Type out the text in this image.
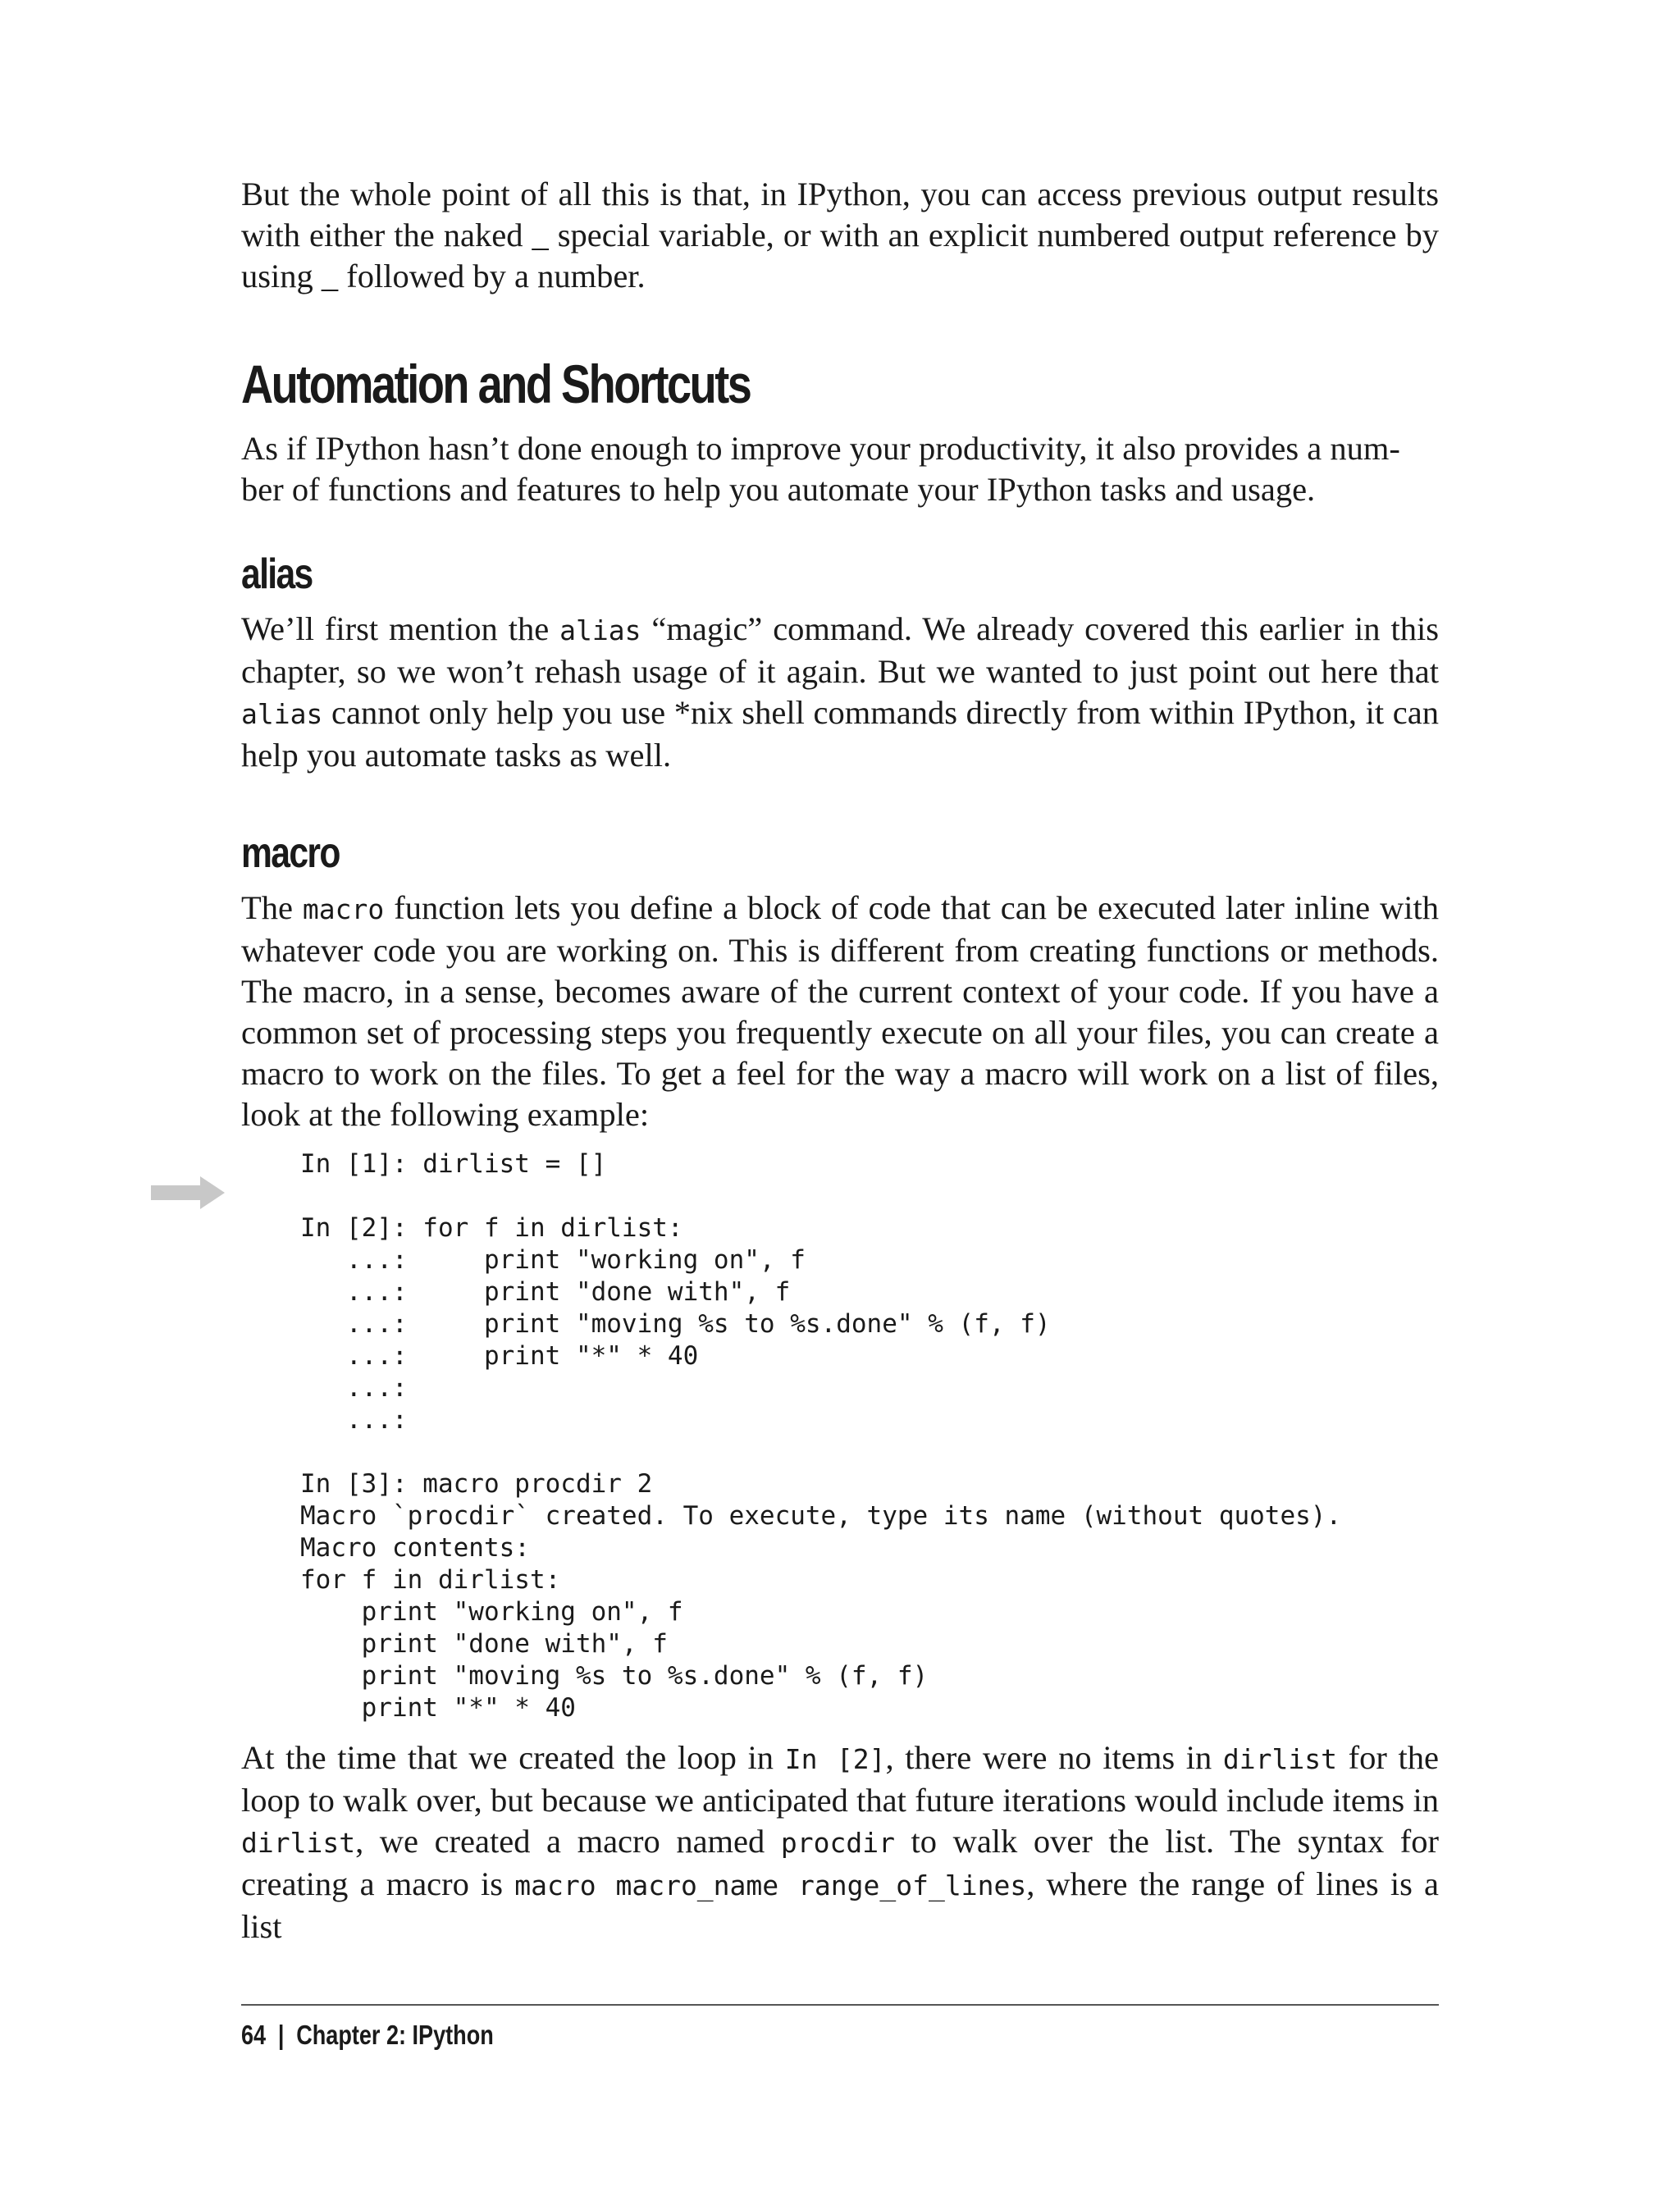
But the whole point of all this is that, in IPython, you can access previous output results with either the naked _ special variable, or with an explicit numbered output reference by using _ followed by a number.

Automation and Shortcuts

As if IPython hasn’t done enough to improve your productivity, it also provides a num-
ber of functions and features to help you automate your IPython tasks and usage.

alias

We’ll first mention the alias “magic” command. We already covered this earlier in this chapter, so we won’t rehash usage of it again. But we wanted to just point out here that alias cannot only help you use *nix shell commands directly from within IPython, it can help you automate tasks as well.

macro

The macro function lets you define a block of code that can be executed later inline with whatever code you are working on. This is different from creating functions or methods. The macro, in a sense, becomes aware of the current context of your code. If you have a common set of processing steps you frequently execute on all your files, you can create a macro to work on the files. To get a feel for the way a macro will work on a list of files, look at the following example:

In [1]: dirlist = []

In [2]: for f in dirlist:
...:     print "working on", f
...:     print "done with", f
...:     print "moving %s to %s.done" % (f, f)
...:     print "*" * 40
...:
...:

In [3]: macro procdir 2
Macro `procdir` created. To execute, type its name (without quotes).
Macro contents:
for f in dirlist:
print "working on", f
print "done with", f
print "moving %s to %s.done" % (f, f)
print "*" * 40

At the time that we created the loop in In [2], there were no items in dirlist for the loop to walk over, but because we anticipated that future iterations would include items in dirlist, we created a macro named procdir to walk over the list. The syntax for creating a macro is macro macro_name range_of_lines, where the range of lines is a list

64 | Chapter 2: IPython
